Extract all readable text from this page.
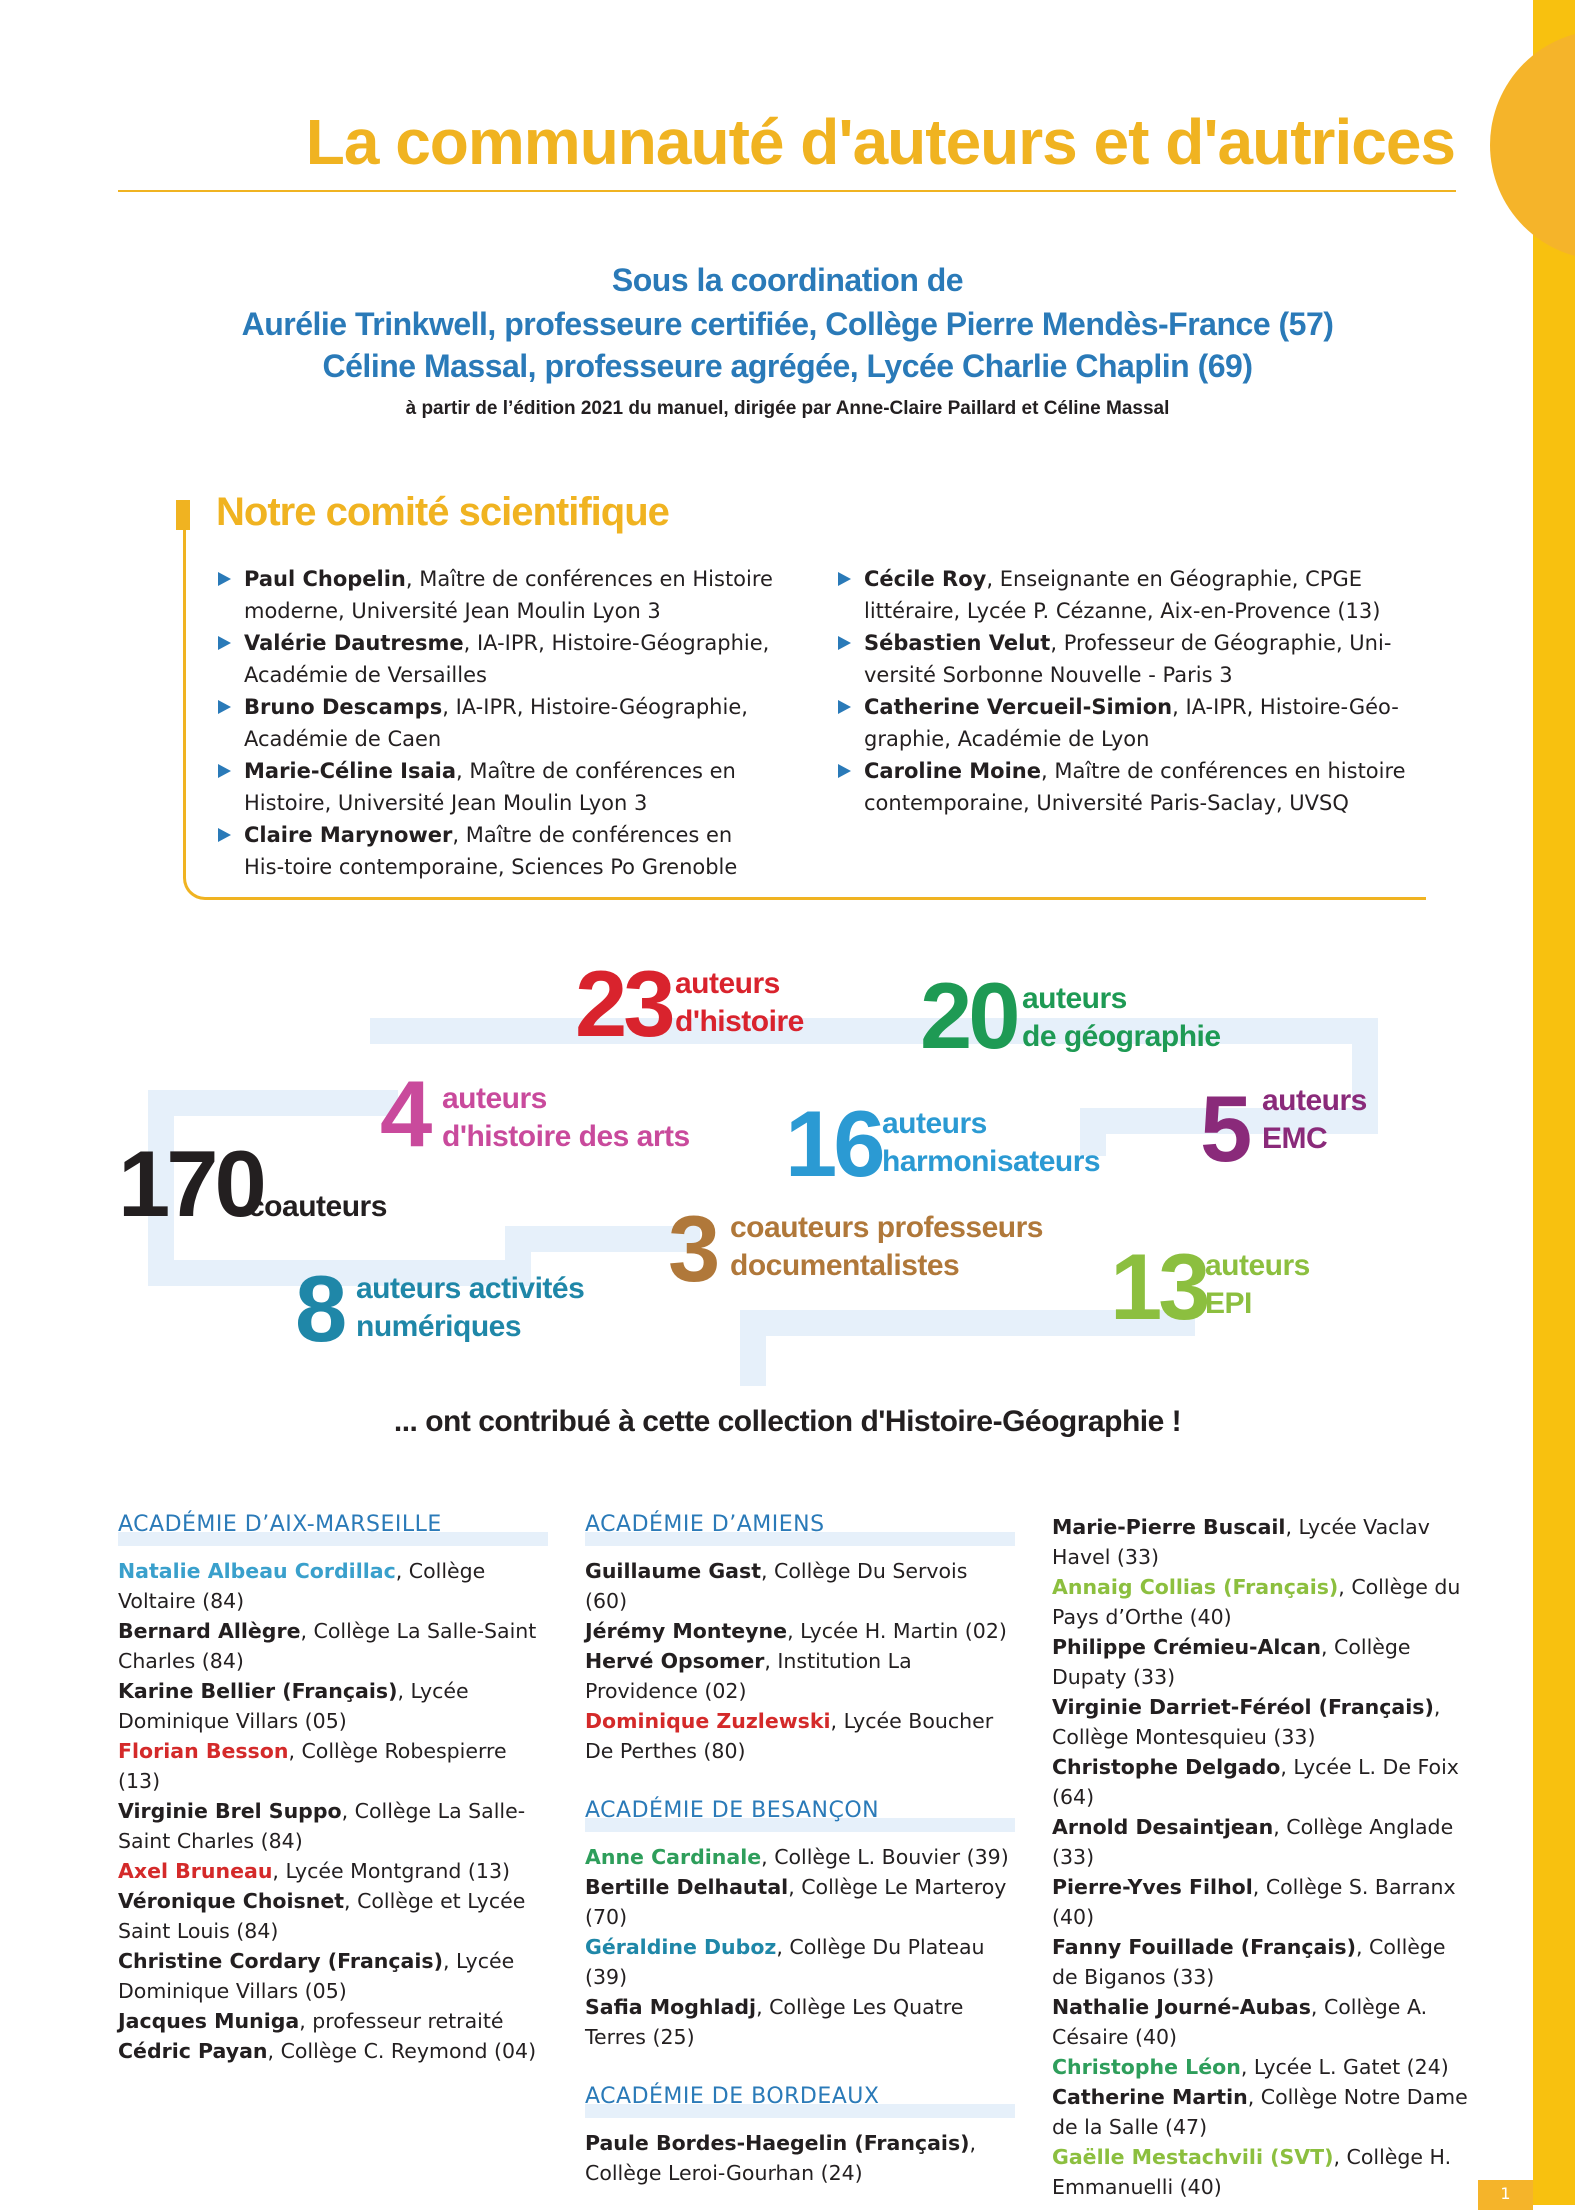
1
La communauté d'auteurs et d'autrices
Sous la coordination de
Aurélie Trinkwell, professeure certifiée, Collège Pierre Mendès-France (57)
Céline Massal, professeure agrégée, Lycée Charlie Chaplin (69)
à partir de l’édition 2021 du manuel, dirigée par Anne-Claire Paillard et Céline Massal
Notre comité scientifique
Paul Chopelin, Maître de conférences en Histoire moderne, Université Jean Moulin Lyon 3
Valérie Dautresme, IA-IPR, Histoire-Géographie, Académie de Versailles
Bruno Descamps, IA-IPR, Histoire-Géographie, Académie de Caen
Marie-Céline Isaia, Maître de conférences en Histoire, Université Jean Moulin Lyon 3
Claire Marynower, Maître de conférences en His-toire contemporaine, Sciences Po Grenoble
Cécile Roy, Enseignante en Géographie, CPGE littéraire, Lycée P. Cézanne, Aix-en-Provence (13)
Sébastien Velut, Professeur de Géographie, Uni-versité Sorbonne Nouvelle - Paris 3
Catherine Vercueil-Simion, IA-IPR, Histoire-Géo-graphie, Académie de Lyon
Caroline Moine, Maître de conférences en histoire contemporaine, Université Paris-Saclay, UVSQ
170
coauteurs
23 auteurs
d'histoire 20 auteurs
de géographie
4 auteurs
d'histoire des arts 16 auteurs
harmonisateurs 5 auteurs
EMC
3 coauteurs professeurs
documentalistes
8 auteurs activités
numériques	13
auteurs
EPI
... ont contribué à cette collection d'Histoire-Géographie !
ACADÉMIE D’AIX-MARSEILLE

Natalie Albeau Cordillac, Collège Voltaire (84)

Bernard Allègre, Collège La Salle-Saint Charles (84)

Karine Bellier (Français), Lycée Dominique Villars (05)

Florian Besson, Collège Robespierre (13)

Virginie Brel Suppo, Collège La Salle-Saint Charles (84)

Axel Bruneau, Lycée Montgrand (13)

Véronique Choisnet, Collège et Lycée Saint Louis (84)

Christine Cordary (Français), Lycée Dominique Villars (05)

Jacques Muniga, professeur retraité

Cédric Payan, Collège C. Reymond (04)

ACADÉMIE D’AMIENS

Guillaume Gast, Collège Du Servois (60)

Jérémy Monteyne, Lycée H. Martin (02)

Hervé Opsomer, Institution La Providence (02)

Dominique Zuzlewski, Lycée Boucher De Perthes (80)

ACADÉMIE DE BESANÇON

Anne Cardinale, Collège L. Bouvier (39)

Bertille Delhautal, Collège Le Marteroy (70)

Géraldine Duboz, Collège Du Plateau (39)

Safia Moghladj, Collège Les Quatre Terres (25)

ACADÉMIE DE BORDEAUX

Paule Bordes-Haegelin (Français), Collège Leroi-Gourhan (24)

Marie-Pierre Buscail, Lycée Vaclav Havel (33)

Annaig Collias (Français), Collège du Pays d’Orthe (40)

Philippe Crémieu-Alcan, Collège Dupaty (33)

Virginie Darriet-Féréol (Français), Collège Montesquieu (33)

Christophe Delgado, Lycée L. De Foix (64)

Arnold Desaintjean, Collège Anglade (33)

Pierre-Yves Filhol, Collège S. Barranx (40)

Fanny Fouillade (Français), Collège de Biganos (33)

Nathalie Journé-Aubas, Collège A. Césaire (40)

Christophe Léon, Lycée L. Gatet (24)

Catherine Martin, Collège Notre Dame de la Salle (47)

Gaëlle Mestachvili (SVT), Collège H. Emmanuelli (40)
